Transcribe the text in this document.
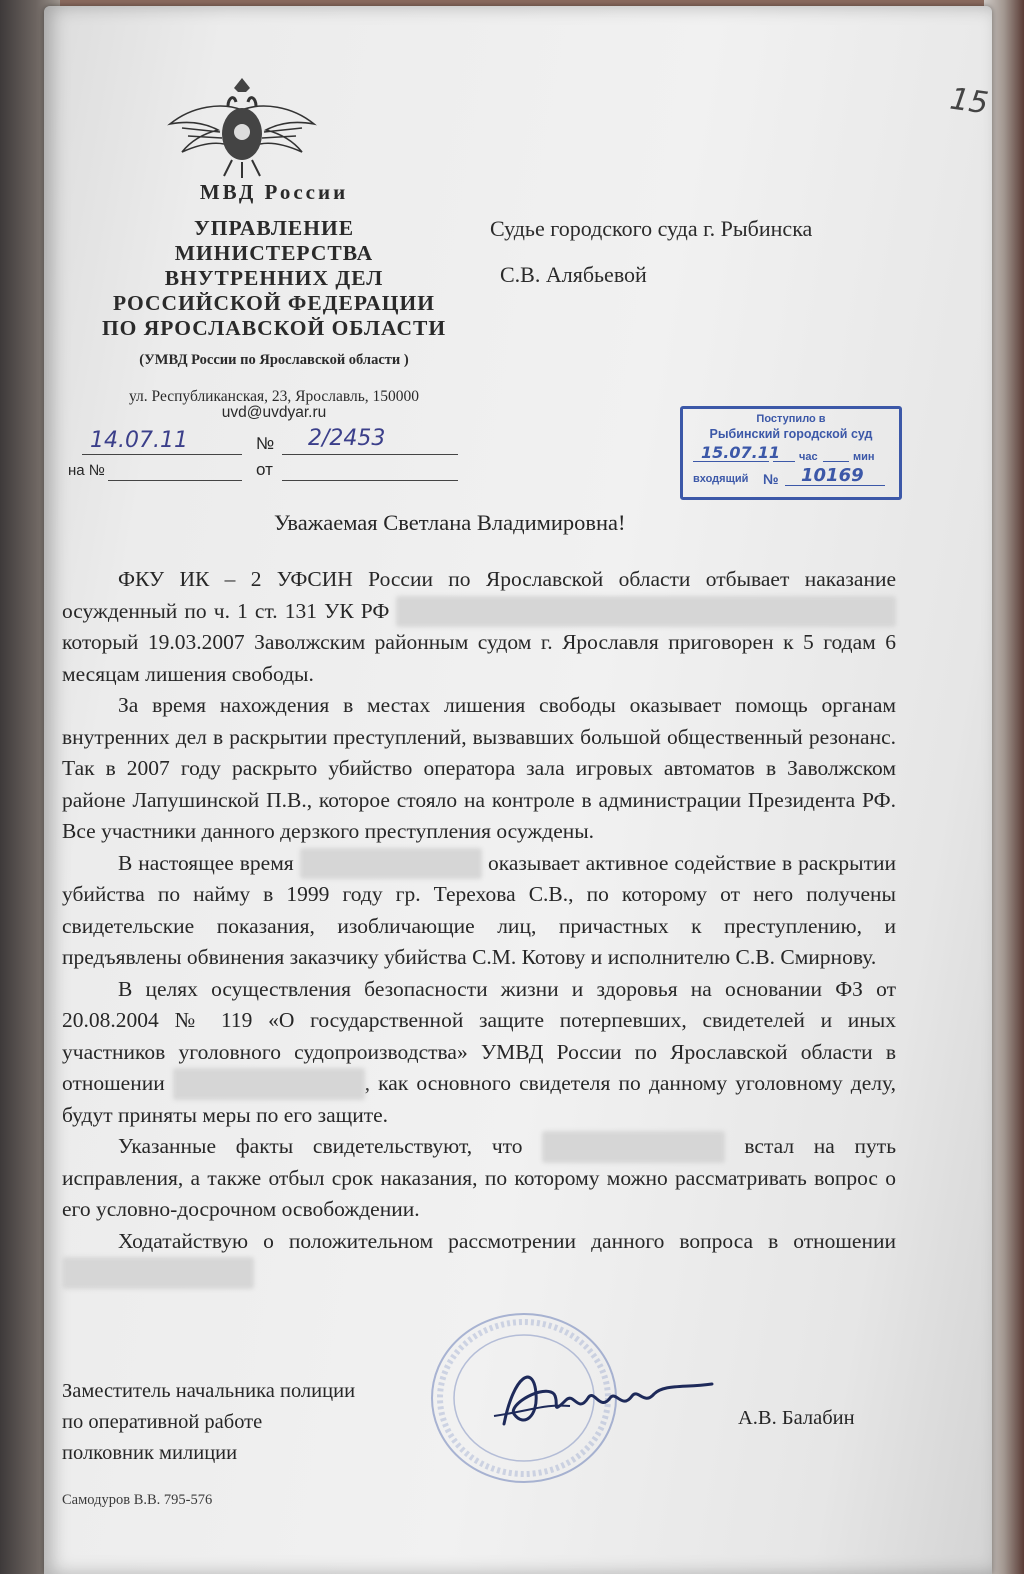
15
МВД России
УПРАВЛЕНИЕ
МИНИСТЕРСТВА
ВНУТРЕННИХ ДЕЛ
РОССИЙСКОЙ ФЕДЕРАЦИИ
ПО ЯРОСЛАВСКОЙ ОБЛАСТИ
(УМВД России по Ярославской области )
ул. Республиканская, 23, Ярославль, 150000
uvd@uvdyar.ru
14.07.11	№ 2/2453
на №	от
Судье городского суда г. Рыбинска
С.В. Алябьевой
Поступило в
Рыбинский городской суд
15.07.11 час	мин
входящий № 10169
Уважаемая Светлана Владимировна!

ФКУ ИК – 2 УФСИН России по Ярославской области отбывает наказание осужденный по ч. 1 ст. 131 УК РФ  который 19.03.2007 Заволжским районным судом г. Ярославля приговорен к 5 годам 6 месяцам лишения свободы.

За время нахождения в местах лишения свободы оказывает помощь органам внутренних дел в раскрытии преступлений, вызвавших большой общественный резонанс. Так в 2007 году раскрыто убийство оператора зала игровых автоматов в Заволжском районе Лапушинской П.В., которое стояло на контроле в администрации Президента РФ. Все участники данного дерзкого преступления осуждены.

В настоящее время	оказывает активное содействие в раскрытии убийства по найму в 1999 году гр. Терехова С.В., по которому от него получены свидетельские показания, изобличающие лиц, причастных к преступлению, и предъявлены обвинения заказчику убийства С.М. Котову и исполнителю С.В. Смирнову.

В целях осуществления безопасности жизни и здоровья на основании ФЗ от 20.08.2004 № 119 «О государственной защите потерпевших, свидетелей и иных участников уголовного судопроизводства» УМВД России по Ярославской области в отношении	, как основного свидетеля по данному уголовному делу, будут приняты меры по его защите.

Указанные факты свидетельствуют, что	встал на путь исправления, а также отбыл срок наказания, по которому можно рассматривать вопрос о его условно-досрочном освобождении.

Ходатайствую о положительном рассмотрении данного вопроса в отношении

Заместитель начальника полиции
по оперативной работе
полковник милиции
А.В. Балабин
Самодуров В.В. 795-576
